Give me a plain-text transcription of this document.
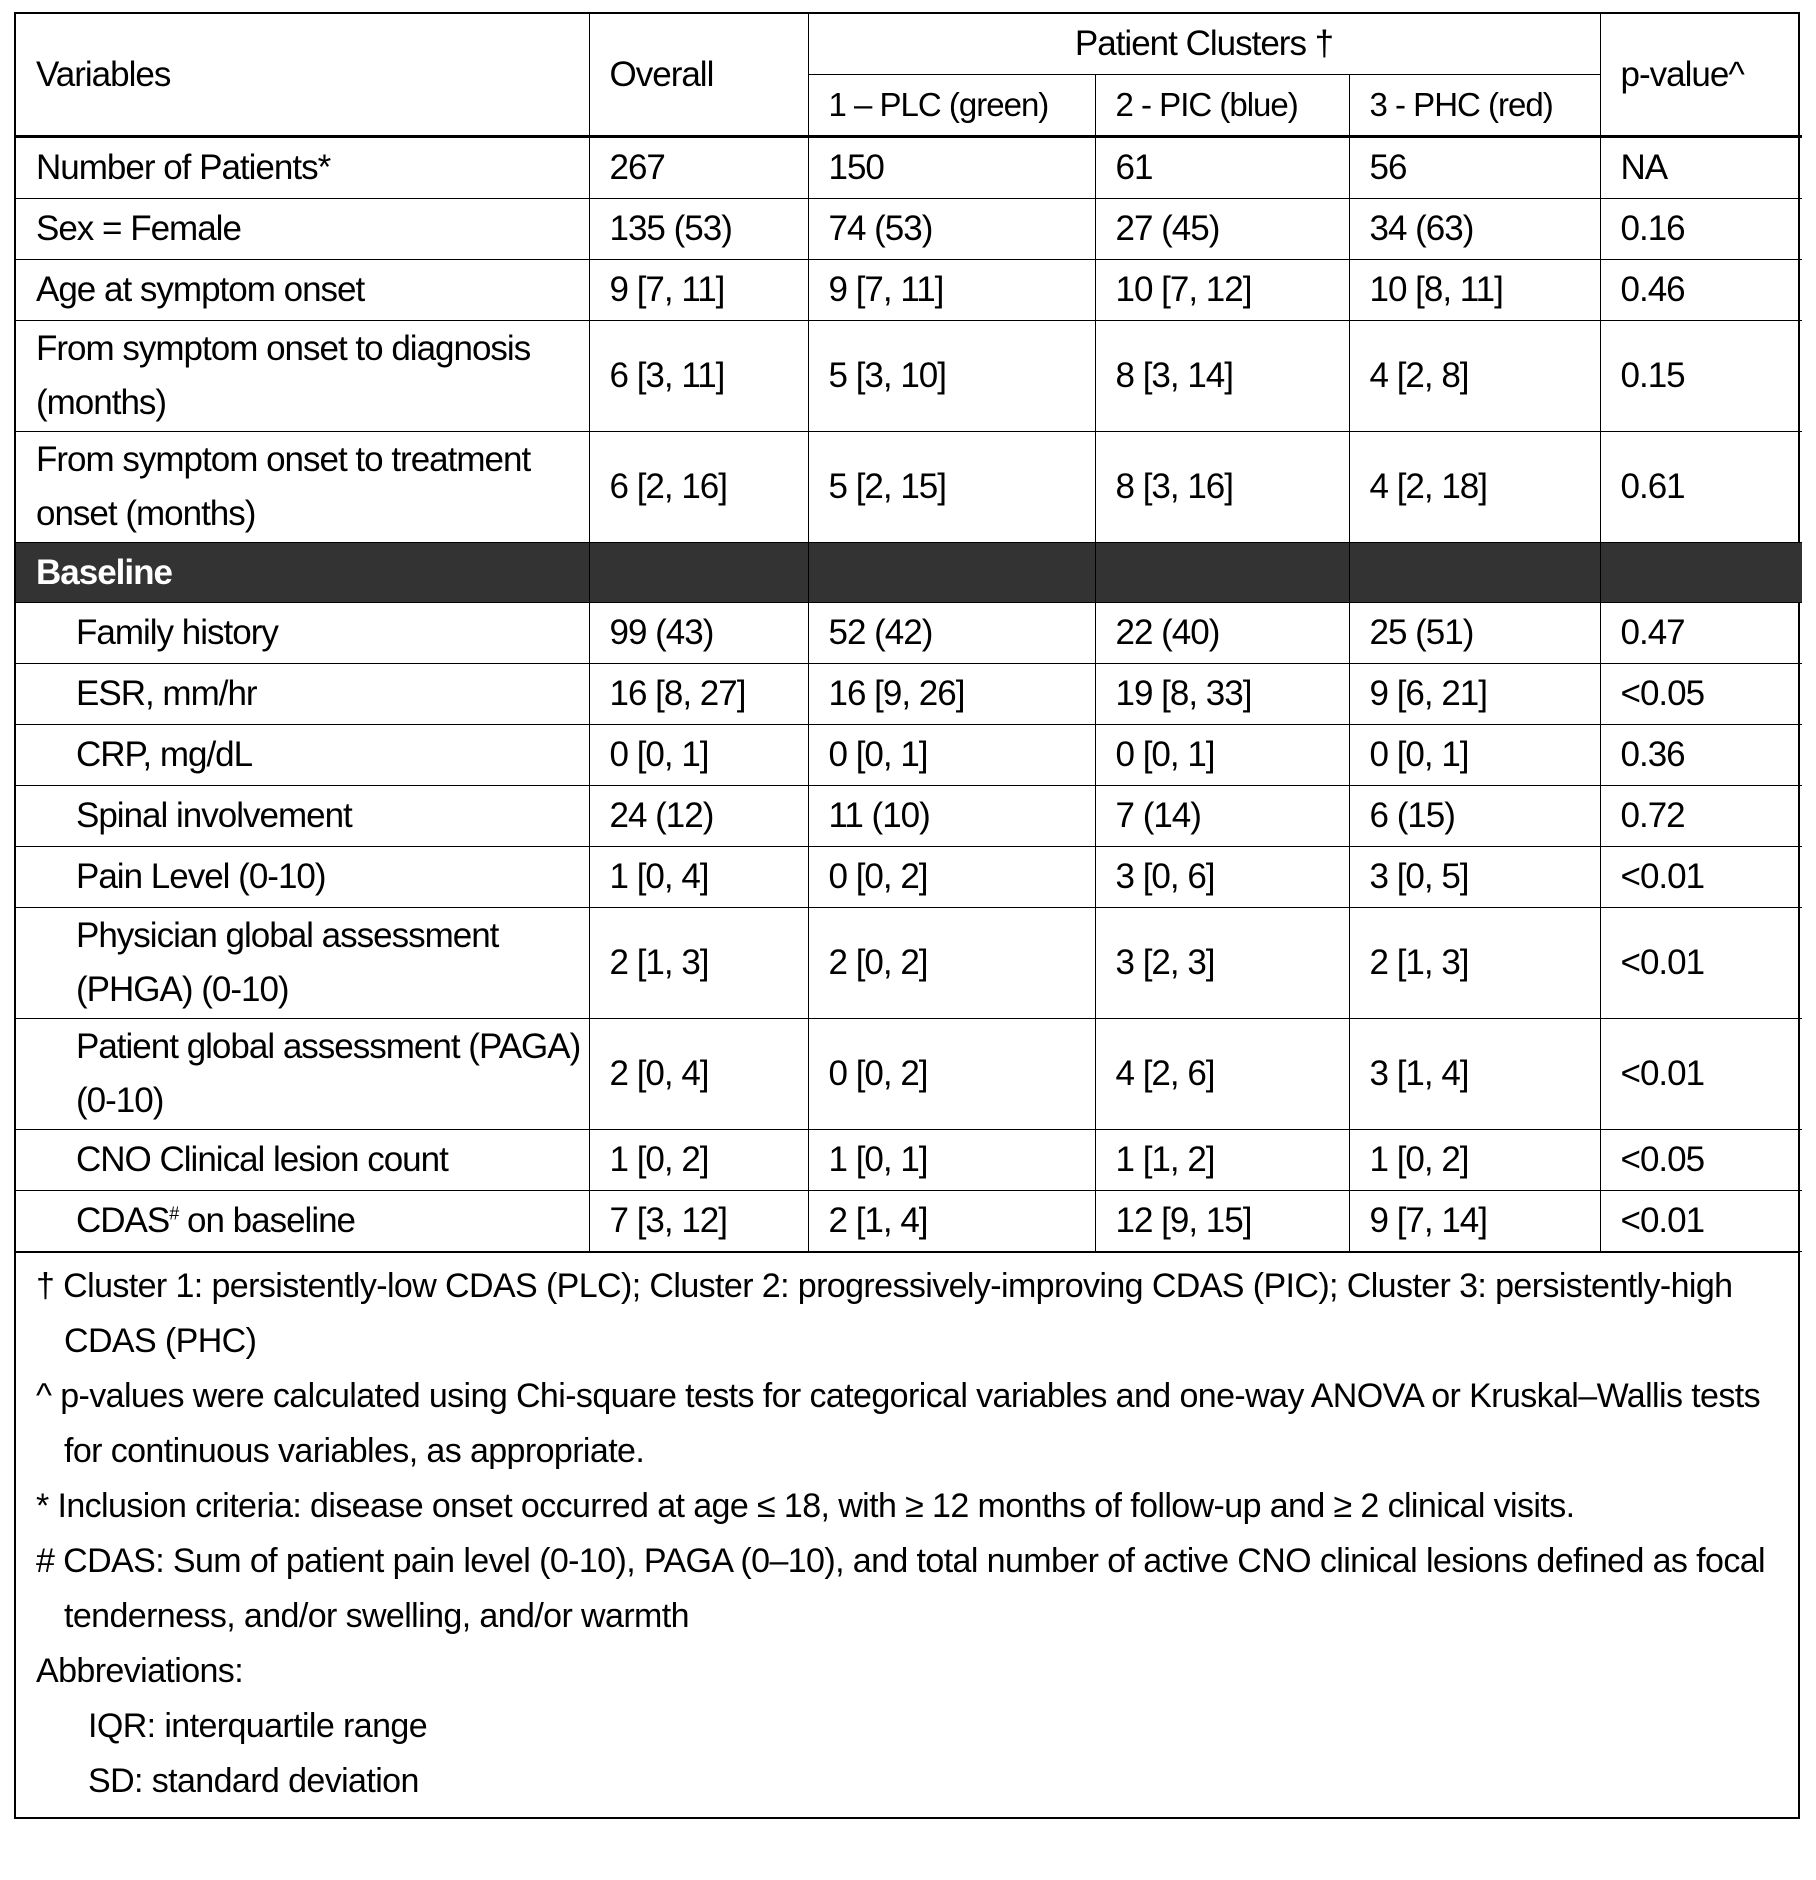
Variables	Overall	Patient Clusters †			p-value^
		1 – PLC (green)	2 - PIC (blue)	3 - PHC (red)	
Number of Patients*	267	150	61	56	NA
Sex = Female	135 (53)	74 (53)	27 (45)	34 (63)	0.16
Age at symptom onset	9 [7, 11]	9 [7, 11]	10 [7, 12]	10 [8, 11]	0.46
From symptom onset to diagnosis (months)	6 [3, 11]	5 [3, 10]	8 [3, 14]	4 [2, 8]	0.15
From symptom onset to treatment onset (months)	6 [2, 16]	5 [2, 15]	8 [3, 16]	4 [2, 18]	0.61
Baseline					
Family history	99 (43)	52 (42)	22 (40)	25 (51)	0.47
ESR, mm/hr	16 [8, 27]	16 [9, 26]	19 [8, 33]	9 [6, 21]	<0.05
CRP, mg/dL	0 [0, 1]	0 [0, 1]	0 [0, 1]	0 [0, 1]	0.36
Spinal involvement	24 (12)	11 (10)	7 (14)	6 (15)	0.72
Pain Level (0-10)	1 [0, 4]	0 [0, 2]	3 [0, 6]	3 [0, 5]	<0.01
Physician global assessment (PHGA) (0-10)	2 [1, 3]	2 [0, 2]	3 [2, 3]	2 [1, 3]	<0.01
Patient global assessment (PAGA) (0-10)	2 [0, 4]	0 [0, 2]	4 [2, 6]	3 [1, 4]	<0.01
CNO Clinical lesion count	1 [0, 2]	1 [0, 1]	1 [1, 2]	1 [0, 2]	<0.05
CDAS# on baseline	7 [3, 12]	2 [1, 4]	12 [9, 15]	9 [7, 14]	<0.01
† Cluster 1: persistently-low CDAS (PLC); Cluster 2: progressively-improving CDAS (PIC); Cluster 3: persistently-high CDAS (PHC)
^ p-values were calculated using Chi-square tests for categorical variables and one-way ANOVA or Kruskal–Wallis tests for continuous variables, as appropriate.
* Inclusion criteria: disease onset occurred at age ≤ 18, with ≥ 12 months of follow-up and ≥ 2 clinical visits.
# CDAS: Sum of patient pain level (0-10), PAGA (0–10), and total number of active CNO clinical lesions defined as focal tenderness, and/or swelling, and/or warmth
Abbreviations:
IQR: interquartile range
SD: standard deviation
